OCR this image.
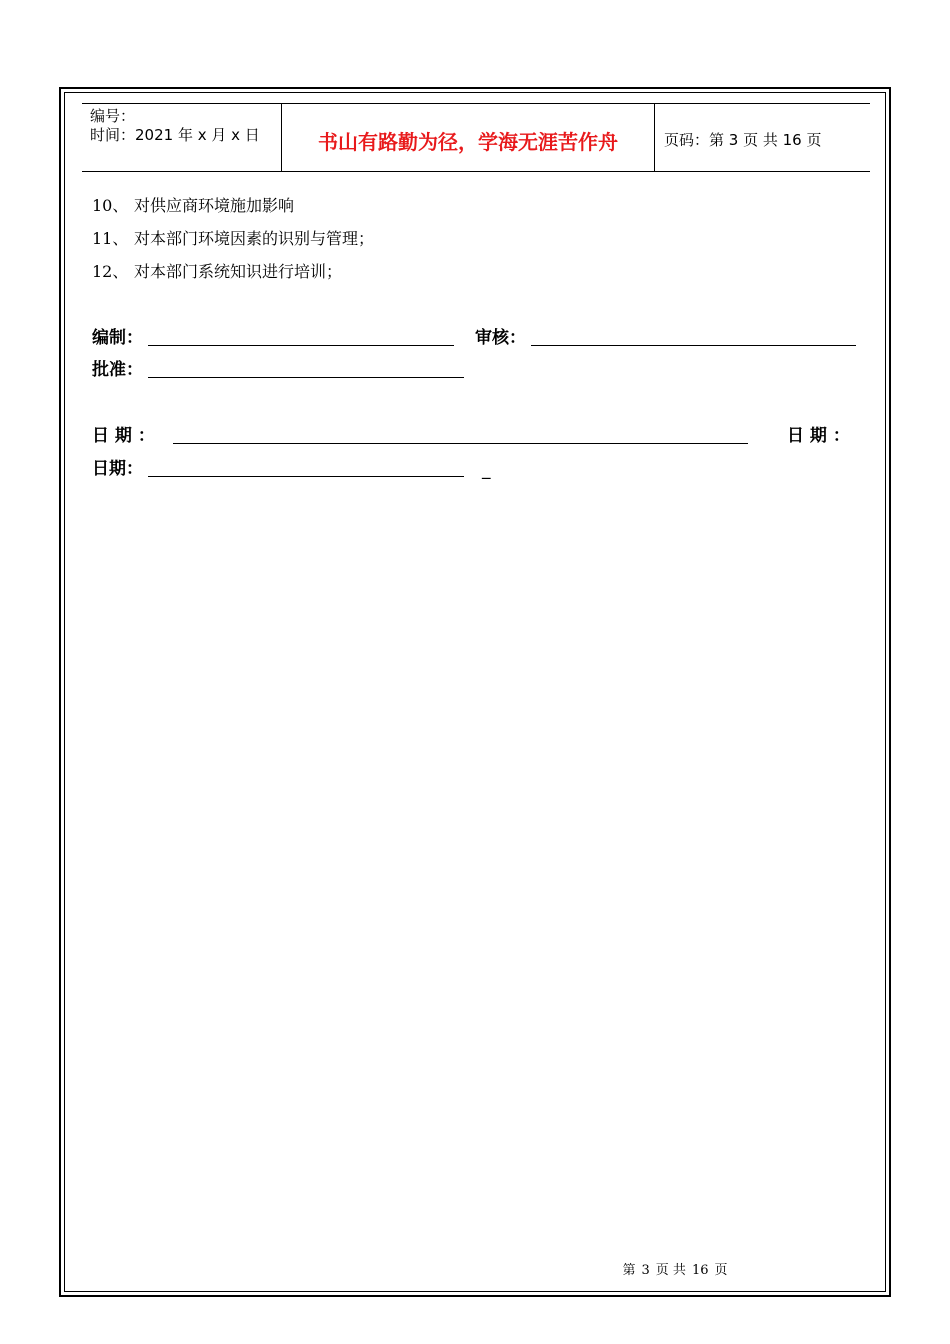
编号：
时间：2021 年 x 月 x 日	书山有路勤为径，学海无涯苦作舟	页码：第 3 页 共 16 页
10、 对供应商环境施加影响
11、 对本部门环境因素的识别与管理；
12、 对本部门系统知识进行培训；
编制：	审核：
批准：
日 期 ：	日 期 ：
日期：	_
第 3 页 共 16 页
